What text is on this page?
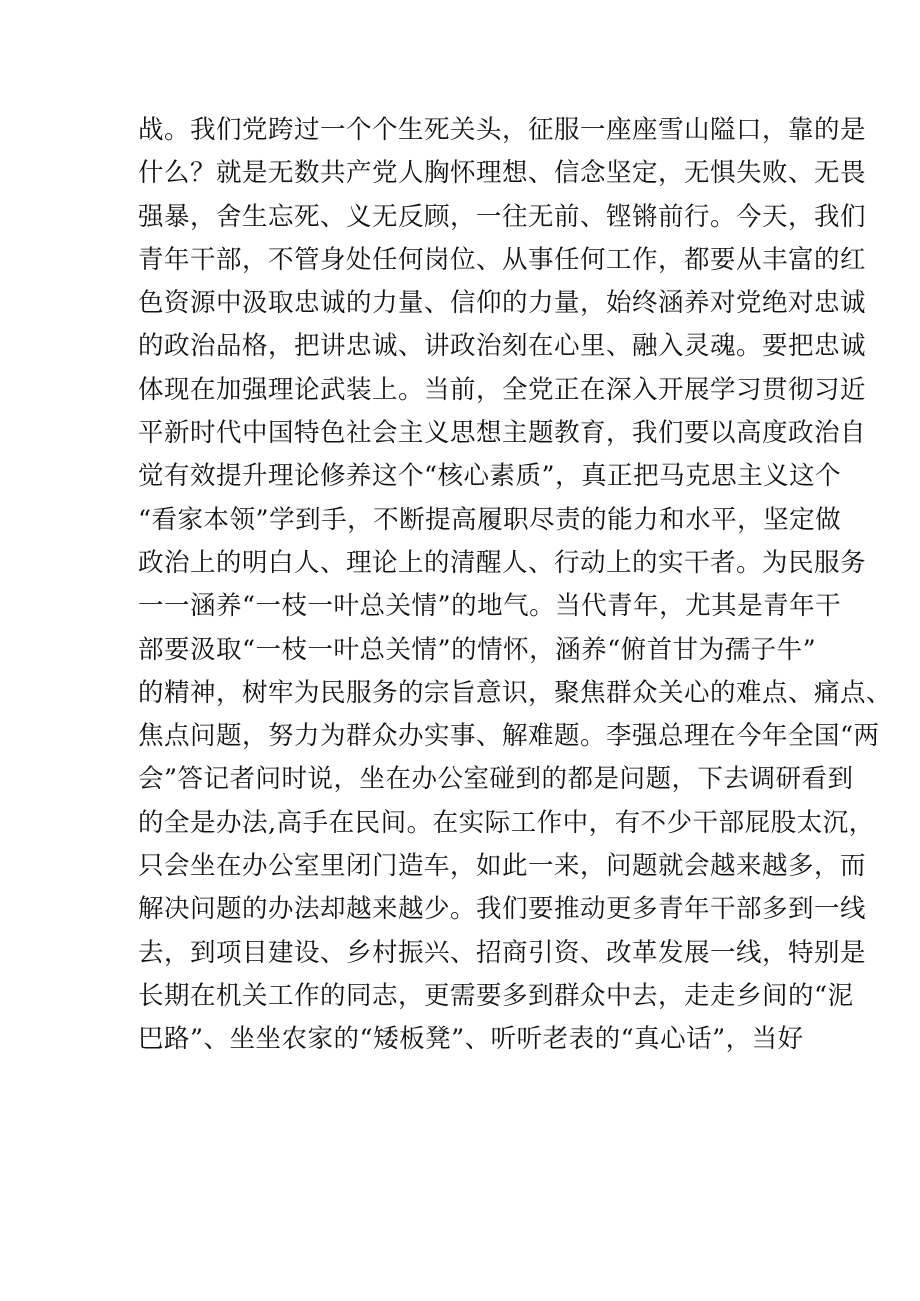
战。我们党跨过一个个生死关头，征服一座座雪山隘口，靠的是
什么？就是无数共产党人胸怀理想、信念坚定，无惧失败、无畏
强暴，舍生忘死、义无反顾，一往无前、铿锵前行。今天，我们
青年干部，不管身处任何岗位、从事任何工作，都要从丰富的红
色资源中汲取忠诚的力量、信仰的力量，始终涵养对党绝对忠诚
的政治品格，把讲忠诚、讲政治刻在心里、融入灵魂。要把忠诚
体现在加强理论武装上。当前，全党正在深入开展学习贯彻习近
平新时代中国特色社会主义思想主题教育，我们要以高度政治自
觉有效提升理论修养这个“核心素质”，真正把马克思主义这个
“看家本领”学到手，不断提高履职尽责的能力和水平，坚定做
政治上的明白人、理论上的清醒人、行动上的实干者。为民服务
一一涵养“一枝一叶总关情”的地气。当代青年，尤其是青年干
部要汲取“一枝一叶总关情”的情怀，涵养“俯首甘为孺子牛”
的精神，树牢为民服务的宗旨意识，聚焦群众关心的难点、痛点、
焦点问题，努力为群众办实事、解难题。李强总理在今年全国“两
会”答记者问时说，坐在办公室碰到的都是问题，下去调研看到
的全是办法,高手在民间。在实际工作中，有不少干部屁股太沉，
只会坐在办公室里闭门造车，如此一来，问题就会越来越多，而
解决问题的办法却越来越少。我们要推动更多青年干部多到一线
去，到项目建设、乡村振兴、招商引资、改革发展一线，特别是
长期在机关工作的同志，更需要多到群众中去，走走乡间的“泥
巴路”、坐坐农家的“矮板凳”、听听老表的“真心话”，当好
